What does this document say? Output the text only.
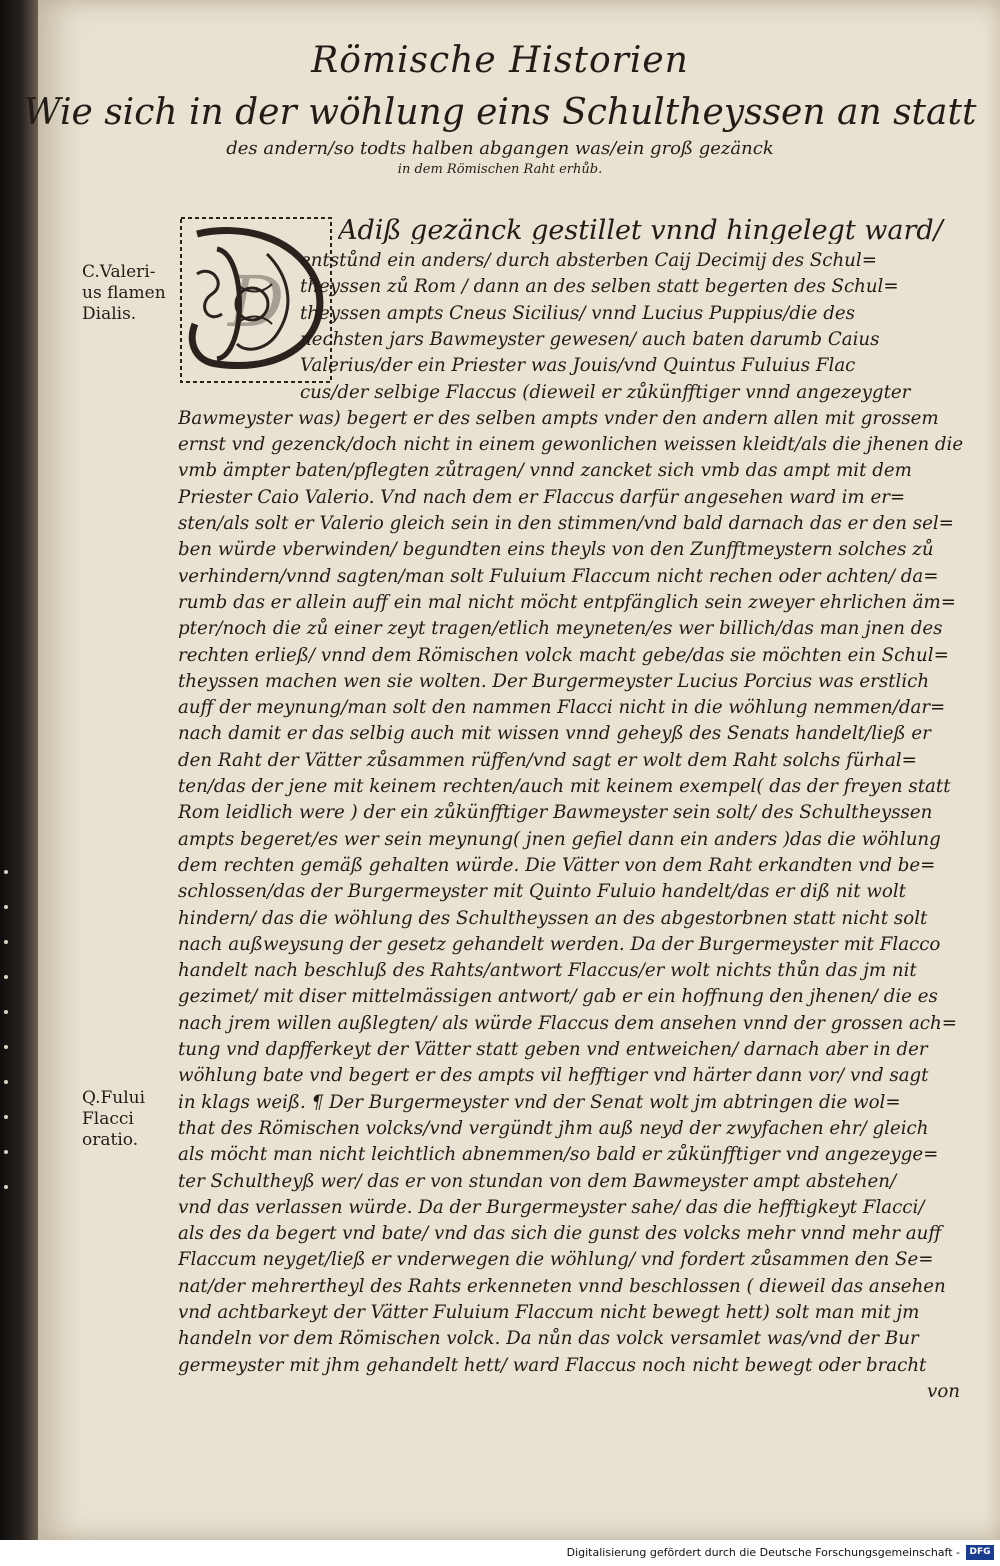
Römische Historien
Wie sich in der wöhlung eins Schultheyssen an statt
des andern/so todts halben abgangen was/ein groß gezänck
in dem Römischen Raht erhůb.
D
C.Valeri-
us flamen
Dialis.
Q.Fului
Flacci
oratio.
Adiß gezänck gestillet vnnd hingelegt ward/
entstůnd ein anders/ durch absterben Caij Decimij des Schul=
theyssen zů Rom / dann an des selben statt begerten des Schul=
theyssen ampts Cneus Sicilius/ vnnd Lucius Puppius/die des
nechsten jars Bawmeyster gewesen/ auch baten darumb Caius
Valerius/der ein Priester was Jouis/vnd Quintus Fuluius Flac
cus/der selbige Flaccus (dieweil er zůkünfftiger vnnd angezeygter
Bawmeyster was) begert er des selben ampts vnder den andern allen mit grossem
ernst vnd gezenck/doch nicht in einem gewonlichen weissen kleidt/als die jhenen die
vmb ämpter baten/pflegten zůtragen/ vnnd zancket sich vmb das ampt mit dem
Priester Caio Valerio. Vnd nach dem er Flaccus darfür angesehen ward im er=
sten/als solt er Valerio gleich sein in den stimmen/vnd bald darnach das er den sel=
ben würde vberwinden/ begundten eins theyls von den Zunfftmeystern solches zů
verhindern/vnnd sagten/man solt Fuluium Flaccum nicht rechen oder achten/ da=
rumb das er allein auff ein mal nicht möcht entpfänglich sein zweyer ehrlichen äm=
pter/noch die zů einer zeyt tragen/etlich meyneten/es wer billich/das man jnen des
rechten erließ/ vnnd dem Römischen volck macht gebe/das sie möchten ein Schul=
theyssen machen wen sie wolten. Der Burgermeyster Lucius Porcius was erstlich
auff der meynung/man solt den nammen Flacci nicht in die wöhlung nemmen/dar=
nach damit er das selbig auch mit wissen vnnd geheyß des Senats handelt/ließ er
den Raht der Vätter zůsammen rüffen/vnd sagt er wolt dem Raht solchs fürhal=
ten/das der jene mit keinem rechten/auch mit keinem exempel( das der freyen statt
Rom leidlich were ) der ein zůkünfftiger Bawmeyster sein solt/ des Schultheyssen
ampts begeret/es wer sein meynung( jnen gefiel dann ein anders )das die wöhlung
dem rechten gemäß gehalten würde. Die Vätter von dem Raht erkandten vnd be=
schlossen/das der Burgermeyster mit Quinto Fuluio handelt/das er diß nit wolt
hindern/ das die wöhlung des Schultheyssen an des abgestorbnen statt nicht solt
nach außweysung der gesetz gehandelt werden. Da der Burgermeyster mit Flacco
handelt nach beschluß des Rahts/antwort Flaccus/er wolt nichts thůn das jm nit
gezimet/ mit diser mittelmässigen antwort/ gab er ein hoffnung den jhenen/ die es
nach jrem willen außlegten/ als würde Flaccus dem ansehen vnnd der grossen ach=
tung vnd dapfferkeyt der Vätter statt geben vnd entweichen/ darnach aber in der
wöhlung bate vnd begert er des ampts vil hefftiger vnd härter dann vor/ vnd sagt
in klags weiß. ¶ Der Burgermeyster vnd der Senat wolt jm abtringen die wol=
that des Römischen volcks/vnd vergündt jhm auß neyd der zwyfachen ehr/ gleich
als möcht man nicht leichtlich abnemmen/so bald er zůkünfftiger vnd angezeyge=
ter Schultheyß wer/ das er von stundan von dem Bawmeyster ampt abstehen/
vnd das verlassen würde. Da der Burgermeyster sahe/ das die hefftigkeyt Flacci/
als des da begert vnd bate/ vnd das sich die gunst des volcks mehr vnnd mehr auff
Flaccum neyget/ließ er vnderwegen die wöhlung/ vnd fordert zůsammen den Se=
nat/der mehrertheyl des Rahts erkenneten vnnd beschlossen ( dieweil das ansehen
vnd achtbarkeyt der Vätter Fuluium Flaccum nicht bewegt hett) solt man mit jm
handeln vor dem Römischen volck. Da nůn das volck versamlet was/vnd der Bur
germeyster mit jhm gehandelt hett/ ward Flaccus noch nicht bewegt oder bracht
von
Digitalisierung gefördert durch die Deutsche Forschungsgemeinschaft -	DFG
